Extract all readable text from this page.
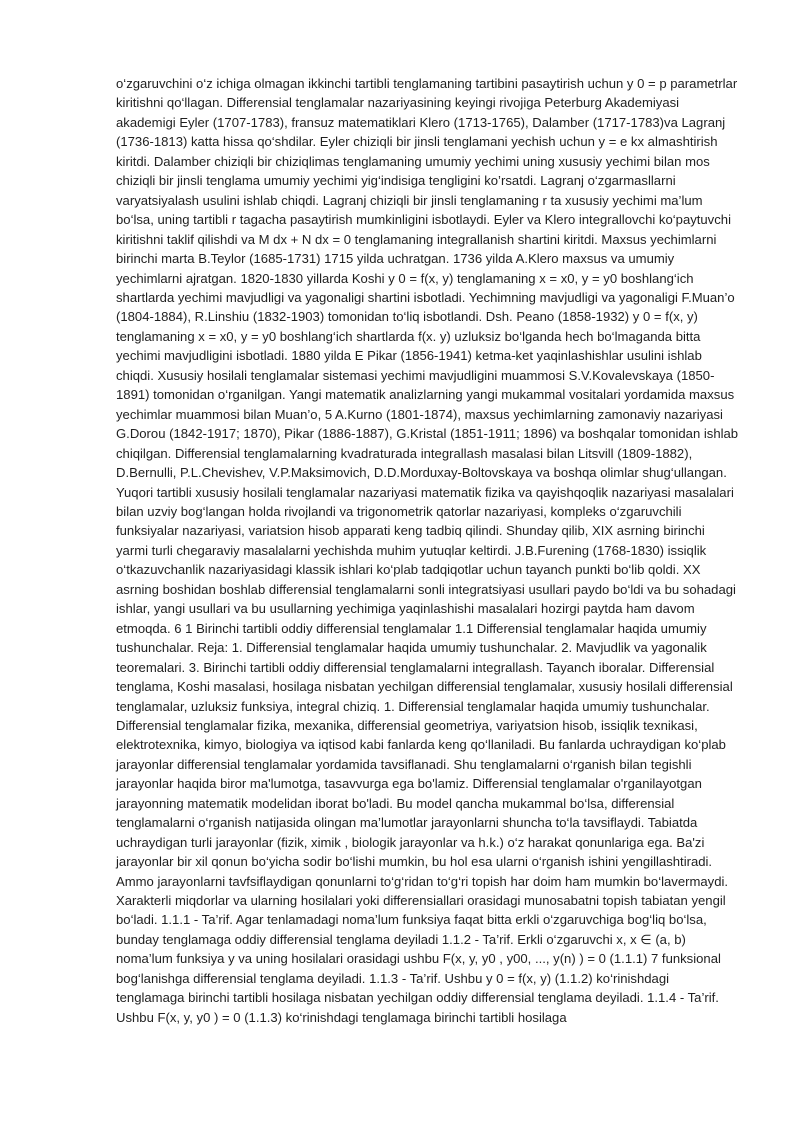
o‘zgaruvchini o‘z ichiga olmagan ikkinchi tartibli tenglamaning tartibini pasaytirish uchun y 0 = p parametrlar kiritishni qo‘llagan. Differensial tenglamalar nazariyasining keyingi rivojiga Peterburg Akademiyasi akademigi Eyler (1707-1783), fransuz matematiklari Klero (1713-1765), Dalamber (1717-1783)va Lagranj (1736-1813) katta hissa qo‘shdilar. Eyler chiziqli bir jinsli tenglamani yechish uchun y = e kx almashtirish kiritdi. Dalamber chiziqli bir chiziqlimas tenglamaning umumiy yechimi uning xususiy yechimi bilan mos chiziqli bir jinsli tenglama umumiy yechimi yig‘indisiga tengligini ko’rsatdi. Lagranj o‘zgarmasllarni varyatsiyalash usulini ishlab chiqdi. Lagranj chiziqli bir jinsli tenglamaning r ta xususiy yechimi ma’lum bo‘lsa, uning tartibli r tagacha pasaytirish mumkinligini isbotlaydi. Eyler va Klero integrallovchi ko‘paytuvchi kiritishni taklif qilishdi va M dx + N dx = 0 tenglamaning integrallanish shartini kiritdi. Maxsus yechimlarni birinchi marta B.Teylor (1685-1731) 1715 yilda uchratgan. 1736 yilda A.Klero maxsus va umumiy yechimlarni ajratgan. 1820-1830 yillarda Koshi y 0 = f(x, y) tenglamaning x = x0, y = y0 boshlang‘ich shartlarda yechimi mavjudligi va yagonaligi shartini isbotladi. Yechimning mavjudligi va yagonaligi F.Muan’o (1804-1884), R.Linshiu (1832-1903) tomonidan to‘liq isbotlandi. Dsh. Peano (1858-1932) y 0 = f(x, y) tenglamaning x = x0, y = y0 boshlang‘ich shartlarda f(x. y) uzluksiz bo‘lganda hech bo‘lmaganda bitta yechimi mavjudligini isbotladi. 1880 yilda E Pikar (1856-1941) ketma-ket yaqinlashishlar usulini ishlab chiqdi. Xususiy hosilali tenglamalar sistemasi yechimi mavjudligini muammosi S.V.Kovalevskaya (1850-1891) tomonidan o‘rganilgan. Yangi matematik analizlarning yangi mukammal vositalari yordamida maxsus yechimlar muammosi bilan Muan’o, 5 A.Kurno (1801-1874), maxsus yechimlarning zamonaviy nazariyasi G.Dorou (1842-1917; 1870), Pikar (1886-1887), G.Kristal (1851-1911; 1896) va boshqalar tomonidan ishlab chiqilgan. Differensial tenglamalarning kvadraturada integrallash masalasi bilan Litsvill (1809-1882), D.Bernulli, P.L.Chevishev, V.P.Maksimovich, D.D.Morduxay-Boltovskaya va boshqa olimlar shug‘ullangan. Yuqori tartibli xususiy hosilali tenglamalar nazariyasi matematik fizika va qayishqoqlik nazariyasi masalalari bilan uzviy bog‘langan holda rivojlandi va trigonometrik qatorlar nazariyasi, kompleks o‘zgaruvchili funksiyalar nazariyasi, variatsion hisob apparati keng tadbiq qilindi. Shunday qilib, XIX asrning birinchi yarmi turli chegaraviy masalalarni yechishda muhim yutuqlar keltirdi. J.B.Furening (1768-1830) issiqlik o‘tkazuvchanlik nazariyasidagi klassik ishlari ko‘plab tadqiqotlar uchun tayanch punkti bo‘lib qoldi. XX asrning boshidan boshlab differensial tenglamalarni sonli integratsiyasi usullari paydo bo‘ldi va bu sohadagi ishlar, yangi usullari va bu usullarning yechimiga yaqinlashishi masalalari hozirgi paytda ham davom etmoqda. 6 1 Birinchi tartibli oddiy differensial tenglamalar 1.1 Differensial tenglamalar haqida umumiy tushunchalar. Reja: 1. Differensial tenglamalar haqida umumiy tushunchalar. 2. Mavjudlik va yagonalik teoremalari. 3. Birinchi tartibli oddiy differensial tenglamalarni integrallash. Tayanch iboralar. Differensial tenglama, Koshi masalasi, hosilaga nisbatan yechilgan differensial tenglamalar, xususiy hosilali differensial tenglamalar, uzluksiz funksiya, integral chiziq. 1. Differensial tenglamalar haqida umumiy tushunchalar. Differensial tenglamalar fizika, mexanika, differensial geometriya, variyatsion hisob, issiqlik texnikasi, elektrotexnika, kimyo, biologiya va iqtisod kabi fanlarda keng qo‘llaniladi. Bu fanlarda uchraydigan ko‘plab jarayonlar differensial tenglamalar yordamida tavsiflanadi. Shu tenglamalarni o‘rganish bilan tegishli jarayonlar haqida biror ma'lumotga, tasavvurga ega bo'lamiz. Differensial tenglamalar o'rganilayotgan jarayonning matematik modelidan iborat bo'ladi. Bu model qancha mukammal bo‘lsa, differensial tenglamalarni o‘rganish natijasida olingan ma’lumotlar jarayonlarni shuncha to‘la tavsiflaydi. Tabiatda uchraydigan turli jarayonlar (fizik, ximik , biologik jarayonlar va h.k.) o‘z harakat qonunlariga ega. Ba'zi jarayonlar bir xil qonun bo‘yicha sodir bo‘lishi mumkin, bu hol esa ularni o‘rganish ishini yengillashtiradi. Ammo jarayonlarni tavfsiflaydigan qonunlarni to‘g‘ridan to‘g‘ri topish har doim ham mumkin bo‘lavermaydi. Xarakterli miqdorlar va ularning hosilalari yoki differensiallari orasidagi munosabatni topish tabiatan yengil bo‘ladi. 1.1.1 - Ta’rif. Agar tenlamadagi noma’lum funksiya faqat bitta erkli o‘zgaruvchiga bog‘liq bo‘lsa, bunday tenglamaga oddiy differensial tenglama deyiladi 1.1.2 - Ta’rif. Erkli o‘zgaruvchi x, x ∈ (a, b) noma’lum funksiya y va uning hosilalari orasidagi ushbu F(x, y, y0 , y00, ..., y(n) ) = 0 (1.1.1) 7 funksional bog‘lanishga differensial tenglama deyiladi. 1.1.3 - Ta’rif. Ushbu y 0 = f(x, y) (1.1.2) ko‘rinishdagi tenglamaga birinchi tartibli hosilaga nisbatan yechilgan oddiy differensial tenglama deyiladi. 1.1.4 - Ta’rif. Ushbu F(x, y, y0 ) = 0 (1.1.3) ko‘rinishdagi tenglamaga birinchi tartibli hosilaga
